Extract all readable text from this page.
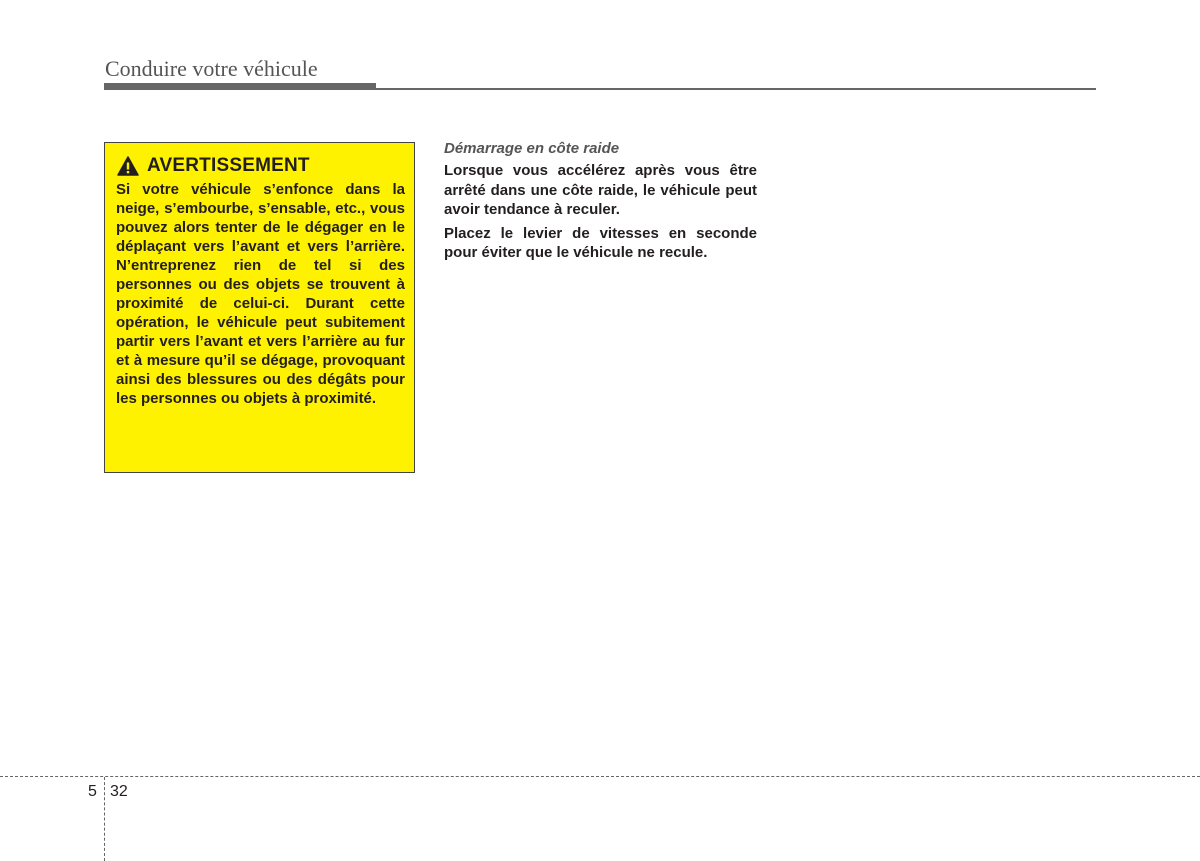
Conduire votre véhicule
AVERTISSEMENT
Si votre véhicule s’enfonce dans la neige, s’embourbe, s’ensable, etc., vous pouvez alors tenter de le dégager en le déplaçant vers l’avant et vers l’arrière. N’entreprenez rien de tel si des personnes ou des objets se trouvent à proximité de celui-ci. Durant cette opération, le véhicule peut subitement partir vers l’avant et vers l’arrière au fur et à mesure qu’il se dégage, provoquant ainsi des blessures ou des dégâts pour les personnes ou objets à proximité.
Démarrage en côte raide

Lorsque vous accélérez après vous être arrêté dans une côte raide, le véhicule peut avoir tendance à reculer.

Placez le levier de vitesses en seconde pour éviter que le véhicule ne recule.

5 32
